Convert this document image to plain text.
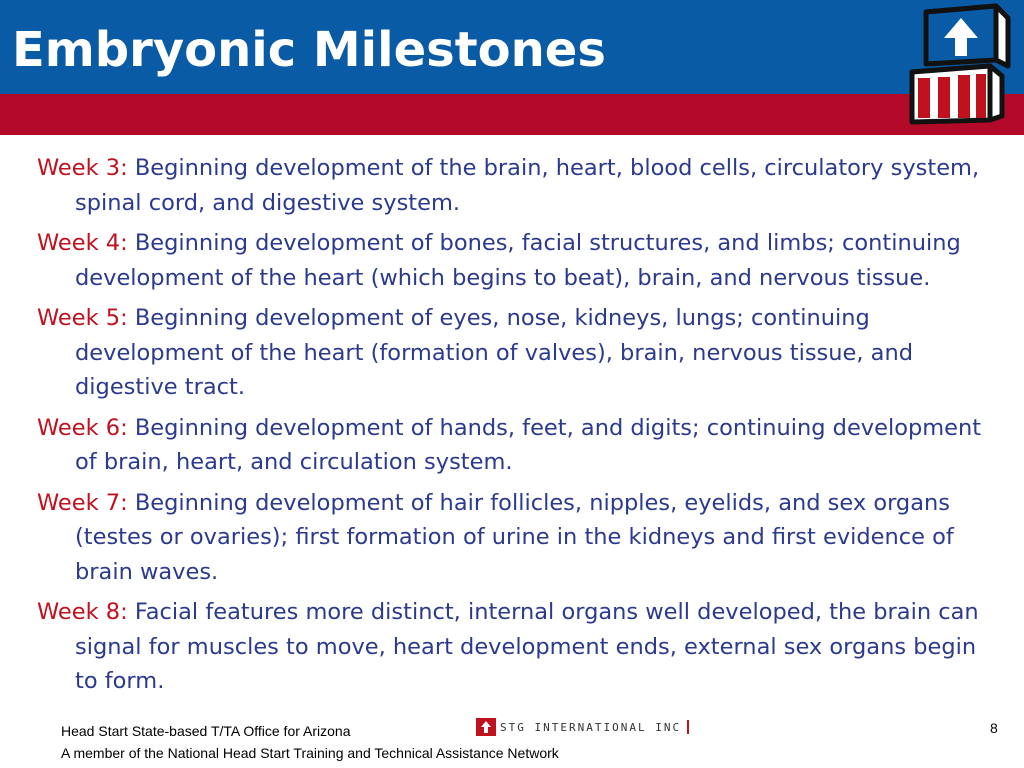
Embryonic Milestones

Week 3: Beginning development of the brain, heart, blood cells, circulatory system, spinal cord, and digestive system.

Week 4: Beginning development of bones, facial structures, and limbs; continuing development of the heart (which begins to beat), brain, and nervous tissue.

Week 5: Beginning development of eyes, nose, kidneys, lungs; continuing development of the heart (formation of valves), brain, nervous tissue, and digestive tract.

Week 6: Beginning development of hands, feet, and digits; continuing development of brain, heart, and circulation system.

Week 7: Beginning development of hair follicles, nipples, eyelids, and sex organs (testes or ovaries); first formation of urine in the kidneys and first evidence of brain waves.

Week 8: Facial features more distinct, internal organs well developed, the brain can signal for muscles to move, heart development ends, external sex organs begin to form.

Head Start State-based T/TA Office for Arizona
A member of the National Head Start Training and Technical Assistance Network
STG INTERNATIONAL INC	8
